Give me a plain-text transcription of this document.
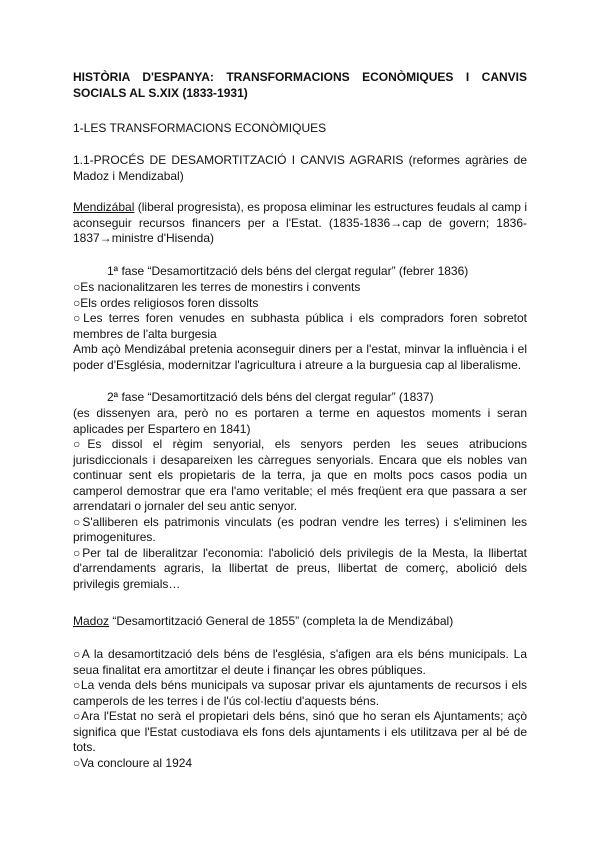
HISTÒRIA D'ESPANYA: TRANSFORMACIONS ECONÒMIQUES I CANVIS SOCIALS AL S.XIX (1833-1931)

1-LES TRANSFORMACIONS ECONÒMIQUES

1.1-PROCÉS DE DESAMORTITZACIÓ I CANVIS AGRARIS (reformes agràries de Madoz i Mendizabal)

Mendizábal (liberal progresista), es proposa eliminar les estructures feudals al camp i aconseguir recursos financers per a l'Estat. (1835-1836→cap de govern; 1836-1837→ministre d'Hisenda)

1ª fase “Desamortització dels béns del clergat regular” (febrer 1836)

○Es nacionalitzaren les terres de monestirs i convents

○Els ordes religiosos foren dissolts

○Les terres foren venudes en subhasta pública i els compradors foren sobretot membres de l'alta burgesia

Amb açò Mendizábal pretenia aconseguir diners per a l'estat, minvar la influència i el poder d'Església, modernitzar l'agricultura i atreure a la burguesia cap al liberalisme.

2ª fase “Desamortització dels béns del clergat regular” (1837)

(es dissenyen ara, però no es portaren a terme en aquestos moments i seran aplicades per Espartero en 1841)

○Es dissol el règim senyorial, els senyors perden les seues atribucions jurisdiccionals i desapareixen les càrregues senyorials. Encara que els nobles van continuar sent els propietaris de la terra, ja que en molts pocs casos podia un camperol demostrar que era l'amo veritable; el més freqüent era que passara a ser arrendatari o jornaler del seu antic senyor.

○S'alliberen els patrimonis vinculats (es podran vendre les terres) i s'eliminen les primogenitures.

○Per tal de liberalitzar l'economia: l'abolició dels privilegis de la Mesta, la llibertat d'arrendaments agraris, la llibertat de preus, llibertat de comerç, abolició dels privilegis gremials…

Madoz “Desamortització General de 1855” (completa la de Mendizábal)

○A la desamortització dels béns de l'església, s'afigen ara els béns municipals. La seua finalitat era amortitzar el deute i finançar les obres públiques.

○La venda dels béns municipals va suposar privar els ajuntaments de recursos i els camperols de les terres i de l'ús col·lectiu d'aquests béns.

○Ara l'Estat no serà el propietari dels béns, sinó que ho seran els Ajuntaments; açò significa que l'Estat custodiava els fons dels ajuntaments i els utilitzava per al bé de tots.

○Va concloure al 1924
